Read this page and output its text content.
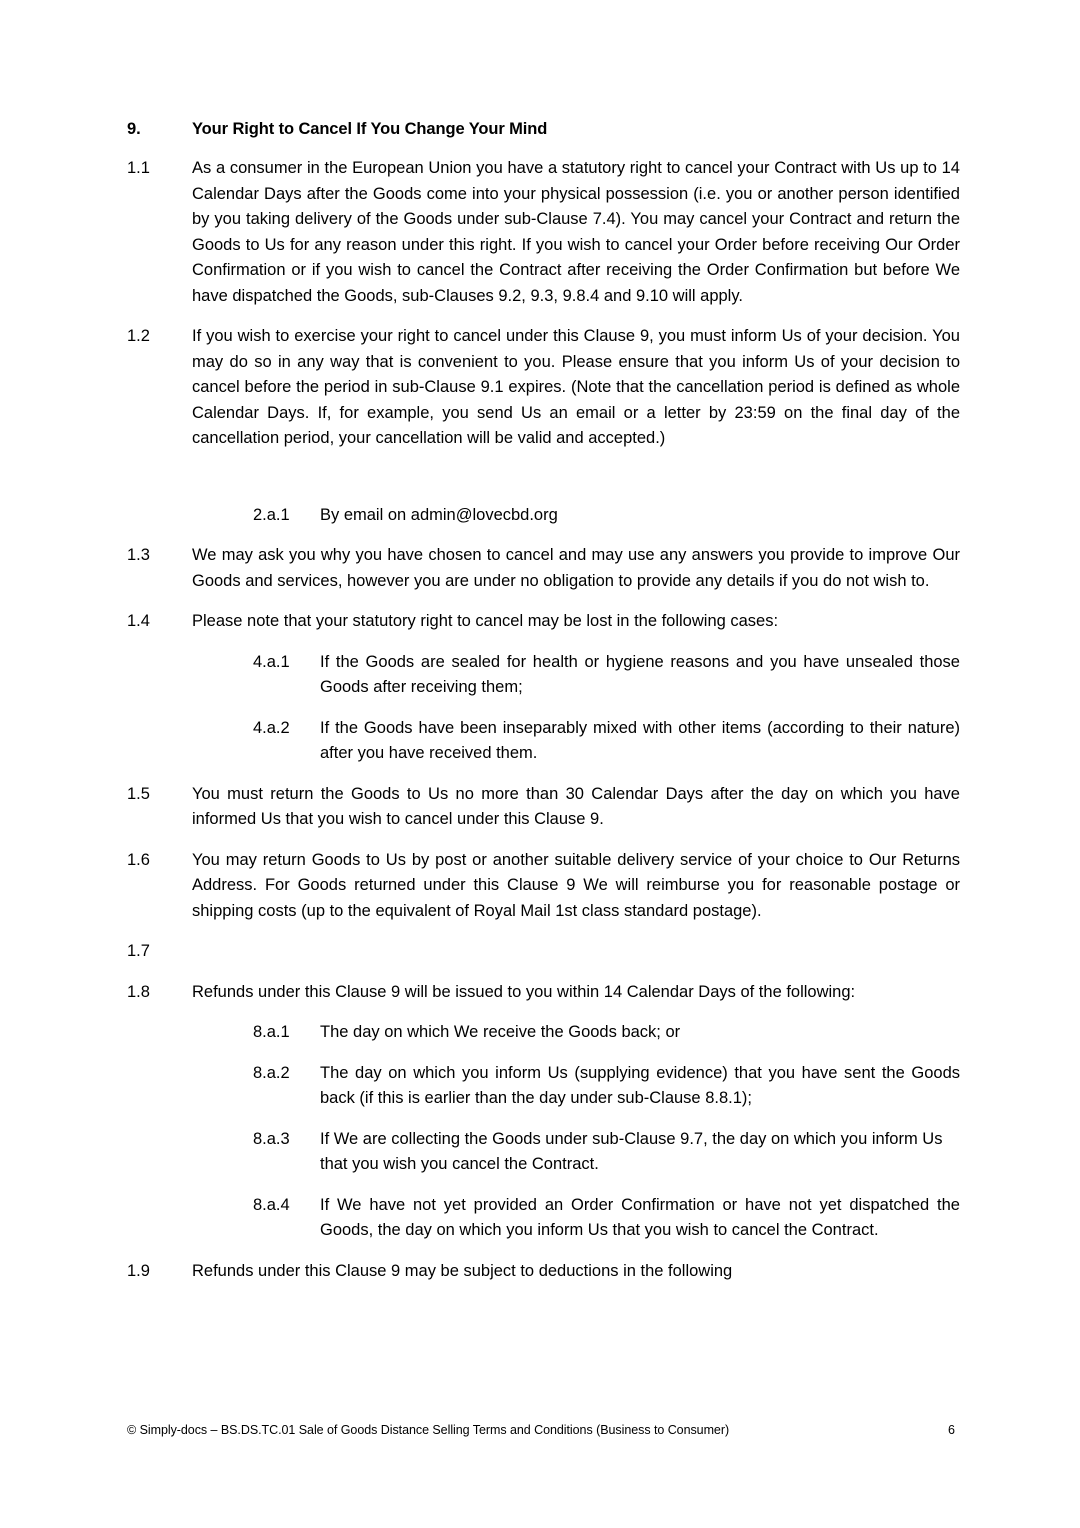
9.	Your Right to Cancel If You Change Your Mind
1.1	As a consumer in the European Union you have a statutory right to cancel your Contract with Us up to 14 Calendar Days after the Goods come into your physical possession (i.e. you or another person identified by you taking delivery of the Goods under sub-Clause 7.4). You may cancel your Contract and return the Goods to Us for any reason under this right. If you wish to cancel your Order before receiving Our Order Confirmation or if you wish to cancel the Contract after receiving the Order Confirmation but before We have dispatched the Goods, sub-Clauses 9.2, 9.3, 9.8.4 and 9.10 will apply.
1.2	If you wish to exercise your right to cancel under this Clause 9, you must inform Us of your decision. You may do so in any way that is convenient to you. Please ensure that you inform Us of your decision to cancel before the period in sub-Clause 9.1 expires. (Note that the cancellation period is defined as whole Calendar Days. If, for example, you send Us an email or a letter by 23:59 on the final day of the cancellation period, your cancellation will be valid and accepted.)
2.a.1	By email on admin@lovecbd.org
1.3	We may ask you why you have chosen to cancel and may use any answers you provide to improve Our Goods and services, however you are under no obligation to provide any details if you do not wish to.
1.4	Please note that your statutory right to cancel may be lost in the following cases:
4.a.1	If the Goods are sealed for health or hygiene reasons and you have unsealed those Goods after receiving them;
4.a.2	If the Goods have been inseparably mixed with other items (according to their nature) after you have received them.
1.5	You must return the Goods to Us no more than 30 Calendar Days after the day on which you have informed Us that you wish to cancel under this Clause 9.
1.6	You may return Goods to Us by post or another suitable delivery service of your choice to Our Returns Address. For Goods returned under this Clause 9 We will reimburse you for reasonable postage or shipping costs (up to the equivalent of Royal Mail 1st class standard postage).
1.7
1.8	Refunds under this Clause 9 will be issued to you within 14 Calendar Days of the following:
8.a.1	The day on which We receive the Goods back; or
8.a.2	The day on which you inform Us (supplying evidence) that you have sent the Goods back (if this is earlier than the day under sub-Clause 8.8.1);
8.a.3	If We are collecting the Goods under sub-Clause 9.7, the day on which you inform Us that you wish you cancel the Contract.
8.a.4	If We have not yet provided an Order Confirmation or have not yet dispatched the Goods, the day on which you inform Us that you wish to cancel the Contract.
1.9	Refunds under this Clause 9 may be subject to deductions in the following
© Simply-docs – BS.DS.TC.01 Sale of Goods Distance Selling Terms and Conditions (Business to Consumer)	6
